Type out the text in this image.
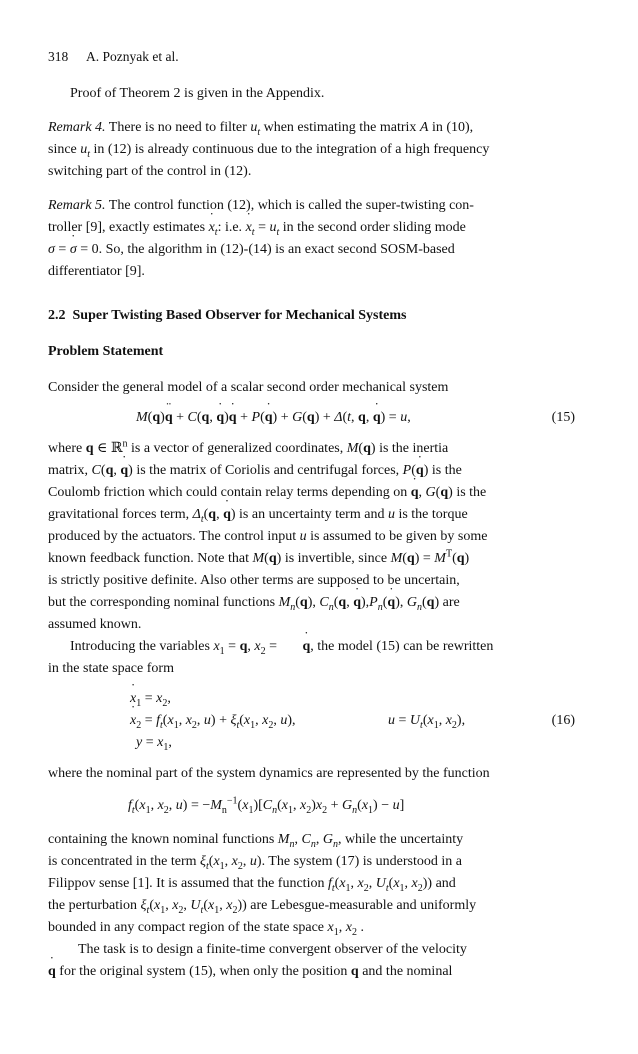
318 A. Poznyak et al.

Proof of Theorem 2 is given in the Appendix.

Remark 4. There is no need to filter $u_t$ when estimating the matrix A in (10),

since $u_t$ in (12) is already continuous due to the integration of a high frequency

switching part of the control in (12).

Remark 5. The control function (12), which is called the super-twisting con-

troller [9], exactly estimates ˙ $x_t$: i.e. ˙ $x_t = u_t$ in the second order sliding mode

σ = ˙ σ = 0. So, the algorithm in (12)-(14) is an exact second SOSM-based

differentiator [9].

2.2 Super Twisting Based Observer for Mechanical Systems
Problem Statement

Consider the general model of a scalar second order mechanical system

M(q)¨ q + C(q, ˙ q)˙ q + P(˙ q) + G(q) + Δ(t, q, ˙ q) = u,	(15)

where q ∈ ℝ$^n$ is a vector of generalized coordinates, M(q) is the inertia

matrix, C(q, ˙ q) is the matrix of Coriolis and centrifugal forces, P(˙ q) is the

Coulomb friction which could contain relay terms depending on ˙ q, G(q) is the

gravitational forces term, $\Delta_t(q$, ˙ q) is an uncertainty term and u is the torque

produced by the actuators. The control input u is assumed to be given by some

known feedback function. Note that M(q) is invertible, since $M(q) = M^T(q)$

is strictly positive definite. Also other terms are supposed to be uncertain,

but the corresponding nominal functions $M_n(q)$, $C_n(q$, ˙ $q),P_n(˙$ q), $G_n(q)$ are

assumed known.

Introducing the variables $x_1 = q$, $x_2$ = ˙ q, the model (15) can be rewritten

in the state space form

˙ $x_1 = x_2$,
˙ $x_2 = f_t(x_1$, $x_2$, $u) + \xi_t(x_1$, $x_2$, u),	$u = U_t(x_1$, $x_2$),
$y = x_1$,
(16)

where the nominal part of the system dynamics are represented by the function

$f_t(x_1$, $x_2$, $u) = -M_n^{-1}(x_1)[C_n(x_1$, $x_2)x_2 + G_n(x_1) - u$]

containing the known nominal functions $M_n$, $C_n$, $G_n$, while the uncertainty

is concentrated in the term $\xi_t(x_1$, $x_2$, u). The system (17) is understood in a

Filippov sense [1]. It is assumed that the function $f_t(x_1$, $x_2$, $U_t(x_1$, $x_2$)) and

the perturbation $\xi_t(x_1$, $x_2$, $U_t(x_1$, $x_2$)) are Lebesgue-measurable and uniformly

bounded in any compact region of the state space $x_1$, $x_2$ .

The task is to design a finite-time convergent observer of the velocity

˙ q for the original system (15), when only the position q and the nominal
